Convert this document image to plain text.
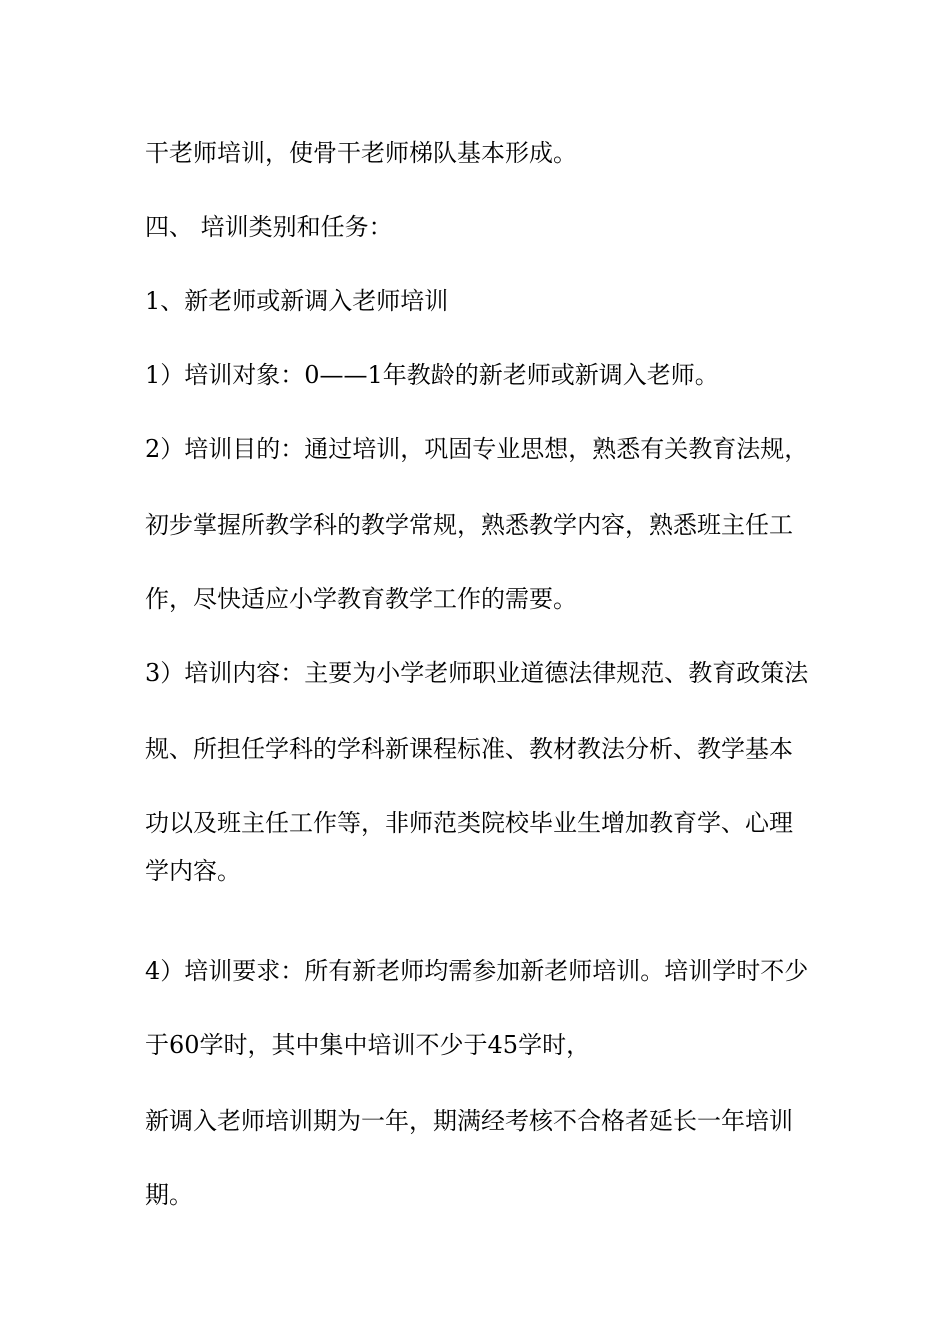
干老师培训，使骨干老师梯队基本形成。
四、 培训类别和任务：
1、新老师或新调入老师培训
1）培训对象：0——1年教龄的新老师或新调入老师。
2）培训目的：通过培训，巩固专业思想，熟悉有关教育法规，
初步掌握所教学科的教学常规，熟悉教学内容，熟悉班主任工
作，尽快适应小学教育教学工作的需要。
3）培训内容：主要为小学老师职业道德法律规范、教育政策法
规、所担任学科的学科新课程标准、教材教法分析、教学基本
功以及班主任工作等，非师范类院校毕业生增加教育学、心理
学内容。
4）培训要求：所有新老师均需参加新老师培训。培训学时不少
于60学时，其中集中培训不少于45学时，
新调入老师培训期为一年，期满经考核不合格者延长一年培训
期。
